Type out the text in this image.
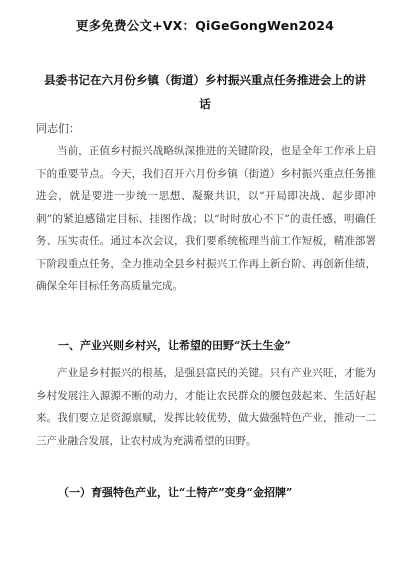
更多免费公文+VX：QiGeGongWen2024
县委书记在六月份乡镇（街道）乡村振兴重点任务推进会上的讲话
同志们：

当前，正值乡村振兴战略纵深推进的关键阶段，也是全年工作承上启下的重要节点。今天，我们召开六月份乡镇（街道）乡村振兴重点任务推进会，就是要进一步统一思想、凝聚共识，以“开局即决战、起步即冲刺”的紧迫感锚定目标、挂图作战；以“时时放心不下”的责任感，明确任务、压实责任。通过本次会议，我们要系统梳理当前工作短板，精准部署下阶段重点任务，全力推动全县乡村振兴工作再上新台阶、再创新佳绩，确保全年目标任务高质量完成。

一、产业兴则乡村兴，让希望的田野“沃土生金”

产业是乡村振兴的根基，是强县富民的关键。只有产业兴旺，才能为乡村发展注入源源不断的动力，才能让农民群众的腰包鼓起来、生活好起来。我们要立足资源禀赋，发挥比较优势，做大做强特色产业，推动一二三产业融合发展，让农村成为充满希望的田野。

（一）育强特色产业，让“土特产”变身“金招牌”
